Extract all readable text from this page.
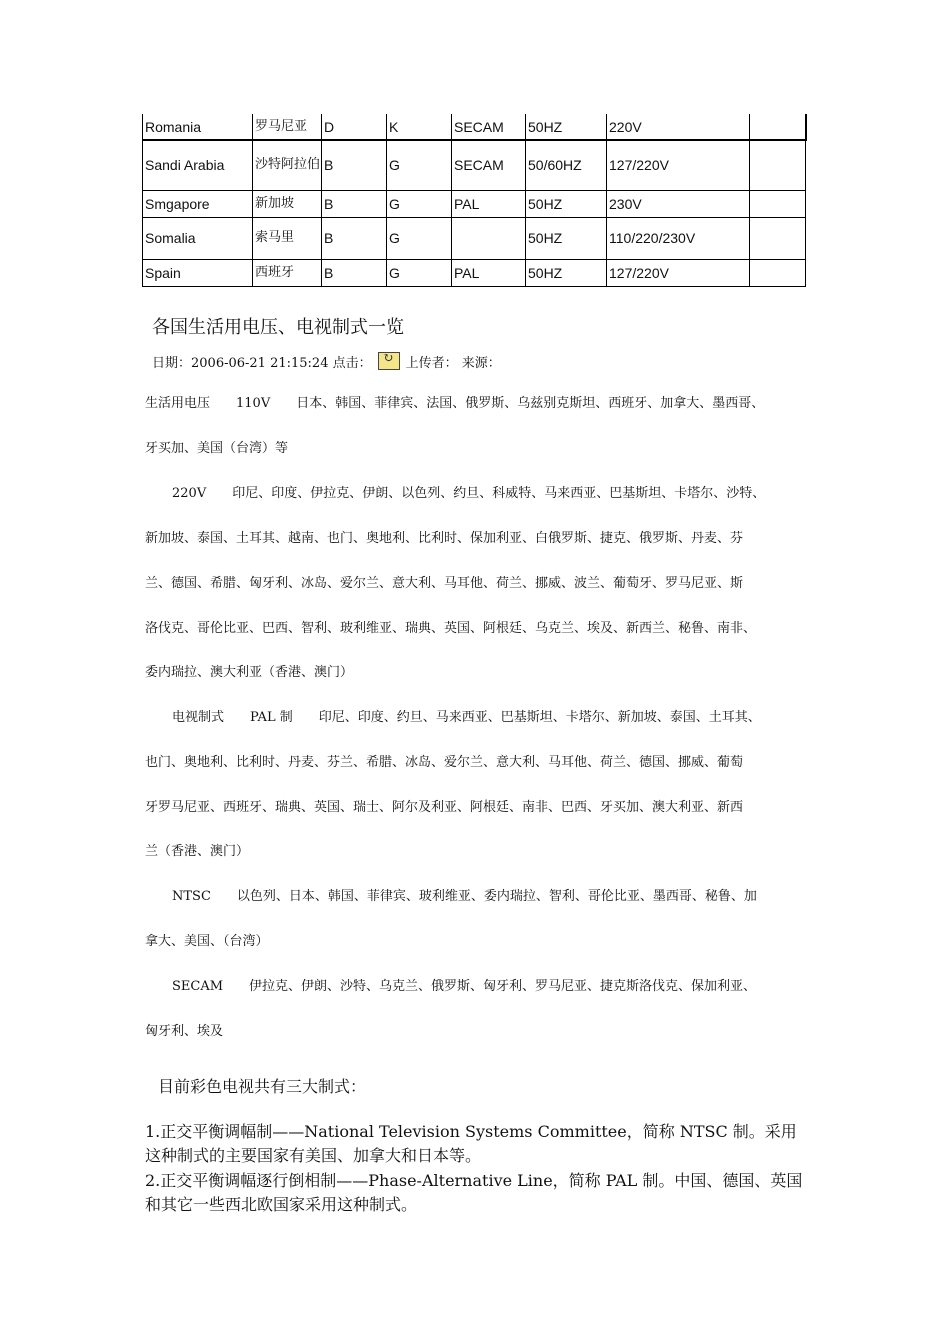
Romania	罗马尼亚	D	K	SECAM	50HZ	220V	
Sandi Arabia	沙特阿拉伯	B	G	SECAM	50/60HZ	127/220V	
Smgapore	新加坡	B	G	PAL	50HZ	230V	
Somalia	索马里	B	G		50HZ	110/220/230V	
Spain	西班牙	B	G	PAL	50HZ	127/220V	
各国生活用电压、电视制式一览
日期：2006-06-21 21:15:24 点击： ↻	上传者： 来源：
生活用电压　　110V　　日本、韩国、菲律宾、法国、俄罗斯、乌兹别克斯坦、西班牙、加拿大、墨西哥、
牙买加、美国（台湾）等
220V　　印尼、印度、伊拉克、伊朗、以色列、约旦、科威特、马来西亚、巴基斯坦、卡塔尔、沙特、
新加坡、泰国、土耳其、越南、也门、奥地利、比利时、保加利亚、白俄罗斯、捷克、俄罗斯、丹麦、芬
兰、德国、希腊、匈牙利、冰岛、爱尔兰、意大利、马耳他、荷兰、挪威、波兰、葡萄牙、罗马尼亚、斯
洛伐克、哥伦比亚、巴西、智利、玻利维亚、瑞典、英国、阿根廷、乌克兰、埃及、新西兰、秘鲁、南非、
委内瑞拉、澳大利亚（香港、澳门）
电视制式　　PAL 制　　印尼、印度、约旦、马来西亚、巴基斯坦、卡塔尔、新加坡、泰国、土耳其、
也门、奥地利、比利时、丹麦、芬兰、希腊、冰岛、爱尔兰、意大利、马耳他、荷兰、德国、挪威、葡萄
牙罗马尼亚、西班牙、瑞典、英国、瑞士、阿尔及利亚、阿根廷、南非、巴西、牙买加、澳大利亚、新西
兰（香港、澳门）
NTSC　　以色列、日本、韩国、菲律宾、玻利维亚、委内瑞拉、智利、哥伦比亚、墨西哥、秘鲁、加
拿大、美国、（台湾）
SECAM　　伊拉克、伊朗、沙特、乌克兰、俄罗斯、匈牙利、罗马尼亚、捷克斯洛伐克、保加利亚、
匈牙利、埃及
目前彩色电视共有三大制式：
1.正交平衡调幅制——National Television Systems Committee，简称 NTSC 制。采用这种制式的主要国家有美国、加拿大和日本等。
2.正交平衡调幅逐行倒相制——Phase-Alternative Line，简称 PAL 制。中国、德国、英国和其它一些西北欧国家采用这种制式。
